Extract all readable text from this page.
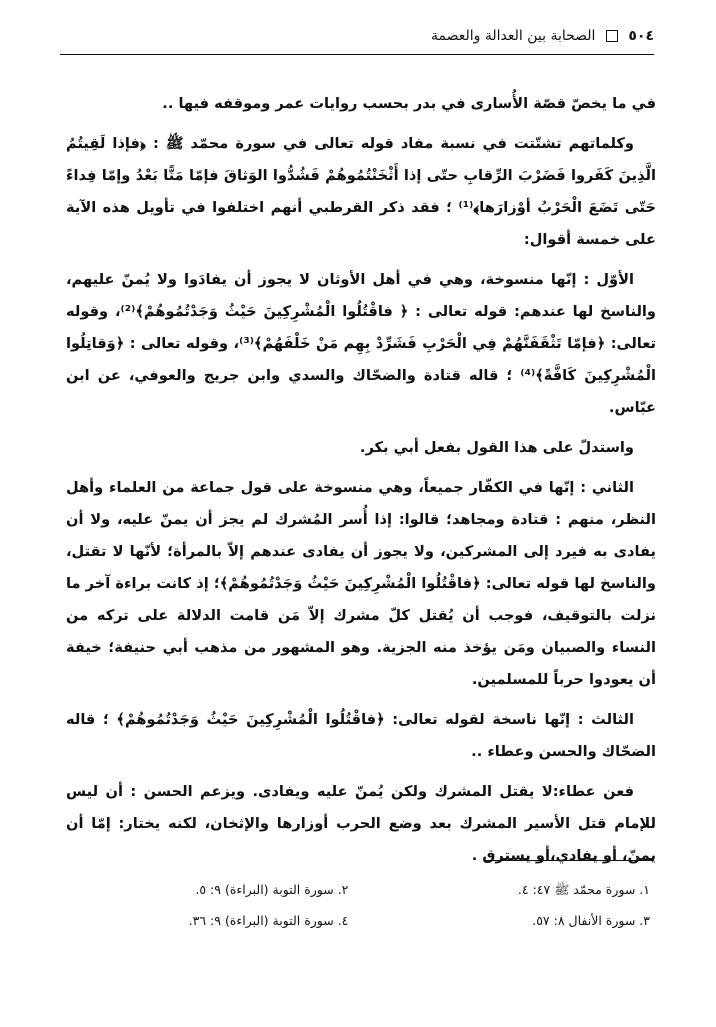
٥٠٤  الصحابة بين العدالة والعصمة

في ما يخصّ قصّة الأُسارى في بدر بحسب روايات عمر وموقفه فيها ..

وكلماتهم تشتّتت في نسبة مفاد قوله تعالى في سورة محمّد ﷺ : ﴿فإذا لَقِيتُمُ الَّذِينَ كَفَروا فَضَرْبَ الرِّقابِ حتّى إذا أَثْخَنْتُمُوهُمْ فَشُدُّوا الوَثاقَ فإمّا مَنًّا بَعْدُ وإمّا فِداءً حَتّى تَضَعَ الْحَرْبُ أوْزارَها﴾⁽¹⁾ ؛ فقد ذكر القرطبي أنهم اختلفوا في تأويل هذه الآية على خمسة أقوال:

الأوّل : إنّها منسوخة، وهي في أهل الأوثان لا يجوز أن يفادَوا ولا يُمنّ عليهم، والناسخ لها عندهم: قوله تعالى : ﴿ فاقْتُلُوا الْمُشْرِكِينَ حَيْثُ وَجَدْتُمُوهُمْ﴾⁽²⁾، وقوله تعالى: ﴿فإمّا تَثْقَفَنَّهُمْ فِي الْحَرْبِ فَشَرِّدْ بِهِم مَنْ خَلْفَهُمْ﴾⁽³⁾، وقوله تعالى : ﴿وَقاتِلُوا الْمُشْرِكِينَ كَافَّةً﴾⁽⁴⁾ ؛ قاله قتادة والضحّاك والسدي وابن جريج والعوفي، عن ابن عبّاس.

واستدلّ على هذا القول بفعل أبي بكر.

الثاني : إنّها في الكفّار جميعاً، وهي منسوخة على قول جماعة من العلماء وأهل النظر، منهم : قتادة ومجاهد؛ قالوا: إذا أُسر المُشرك لم يجز أن يمنّ عليه، ولا أن يفادى به فيرد إلى المشركين، ولا يجوز أن يفادى عندهم إلاّ بالمرأة؛ لأنّها لا تقتل، والناسخ لها قوله تعالى: ﴿فاقْتُلُوا الْمُشْرِكِينَ حَيْثُ وَجَدْتُمُوهُمْ﴾؛ إذ كانت براءة آخر ما نزلت بالتوقيف، فوجب أن يُقتل كلّ مشرك إلاّ مَن قامت الدلالة على تركه من النساء والصبيان ومَن يؤخذ منه الجزية. وهو المشهور من مذهب أبي حنيفة؛ خيفة أن يعودوا حرباً للمسلمين.

الثالث : إنّها ناسخة لقوله تعالى: ﴿فاقْتُلُوا الْمُشْرِكِينَ حَيْثُ وَجَدْتُمُوهُمْ﴾ ؛ قاله الضحّاك والحسن وعطاء ..

فعن عطاء:لا يقتل المشرك ولكن يُمنّ عليه ويفادى. ويزعم الحسن : أن ليس للإمام قتل الأسير المشرك بعد وضع الحرب أوزارها والإثخان، لكنه يختار: إمّا أن يمنّ، أو يفادي،أو يسترق .

١. سورة محمّد ﷺ ٤٧: ٤.
٢. سورة التوبة (البراءة) ٩: ٥.
٣. سورة الأنفال ٨: ٥٧.
٤. سورة التوبة (البراءة) ٩: ٣٦.
